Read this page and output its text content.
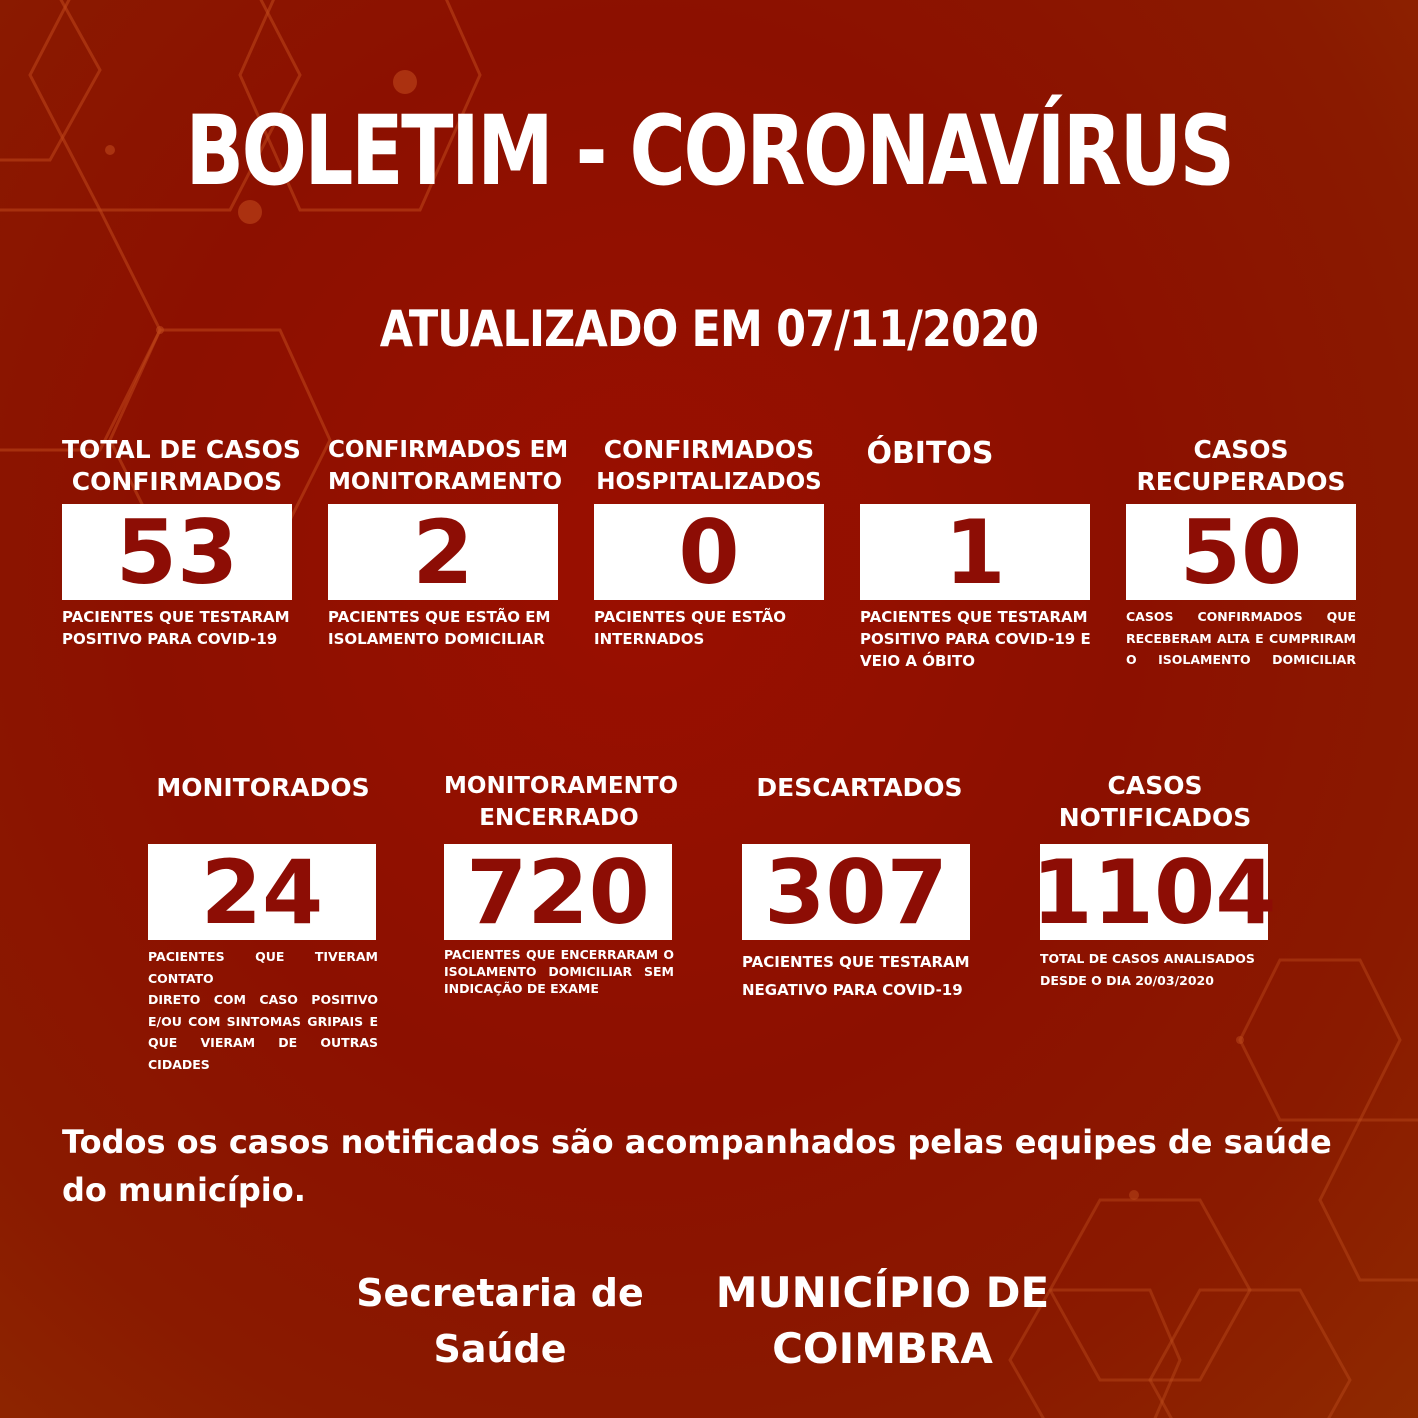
BOLETIM - CORONAVÍRUS
ATUALIZADO EM 07/11/2020
TOTAL DE CASOS
CONFIRMADOS
53
PACIENTES QUE TESTARAM
POSITIVO PARA COVID-19
CONFIRMADOS EM
MONITORAMENTO
2
PACIENTES QUE ESTÃO EM
ISOLAMENTO DOMICILIAR
CONFIRMADOS
HOSPITALIZADOS
0
PACIENTES QUE ESTÃO
INTERNADOS
ÓBITOS
1
PACIENTES QUE TESTARAM
POSITIVO PARA COVID-19 E
VEIO A ÓBITO
CASOS
RECUPERADOS
50
CASOS CONFIRMADOS QUE
RECEBERAM ALTA E CUMPRIRAM
O ISOLAMENTO DOMICILIAR
MONITORADOS
24
PACIENTES QUE TIVERAM CONTATO
DIRETO COM CASO POSITIVO
E/OU COM SINTOMAS GRIPAIS E
QUE VIERAM DE OUTRAS CIDADES
MONITORAMENTO
ENCERRADO
720
PACIENTES QUE ENCERRARAM O
ISOLAMENTO DOMICILIAR SEM
INDICAÇÃO DE EXAME
DESCARTADOS
307
PACIENTES QUE TESTARAM
NEGATIVO PARA COVID-19
CASOS
NOTIFICADOS
1104
TOTAL DE CASOS ANALISADOS
DESDE O DIA 20/03/2020

Todos os casos notificados são acompanhados pelas equipes de saúde do município.

Secretaria de
Saúde
MUNICÍPIO DE
COIMBRA
